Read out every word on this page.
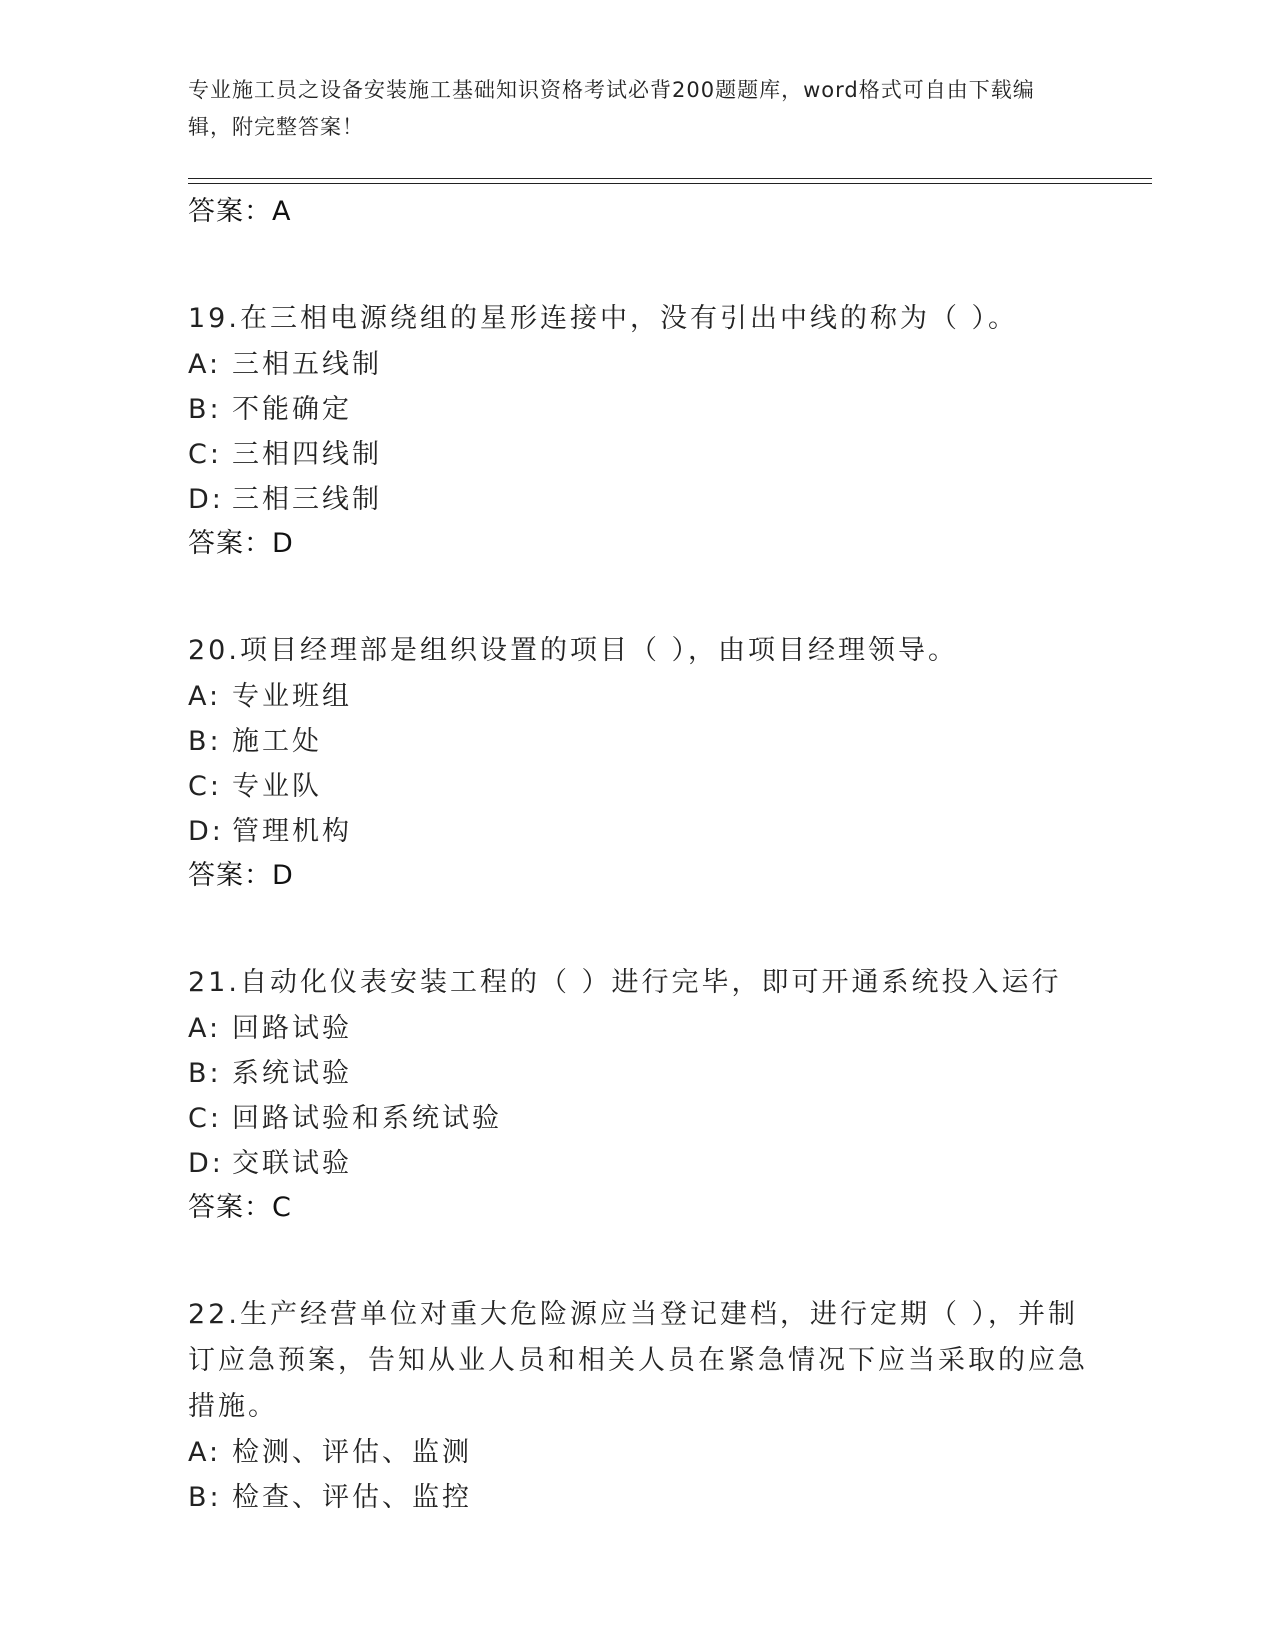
专业施工员之设备安装施工基础知识资格考试必背200题题库，word格式可自由下载编辑，附完整答案！
答案：A
19.在三相电源绕组的星形连接中，没有引出中线的称为（ ）。
A: 三相五线制
B: 不能确定
C: 三相四线制
D: 三相三线制
答案：D
20.项目经理部是组织设置的项目（ ），由项目经理领导。
A: 专业班组
B: 施工处
C: 专业队
D: 管理机构
答案：D
21.自动化仪表安装工程的（ ）进行完毕，即可开通系统投入运行
A: 回路试验
B: 系统试验
C: 回路试验和系统试验
D: 交联试验
答案：C
22.生产经营单位对重大危险源应当登记建档，进行定期（ ），并制订应急预案，告知从业人员和相关人员在紧急情况下应当采取的应急措施。
A: 检测、评估、监测
B: 检查、评估、监控
